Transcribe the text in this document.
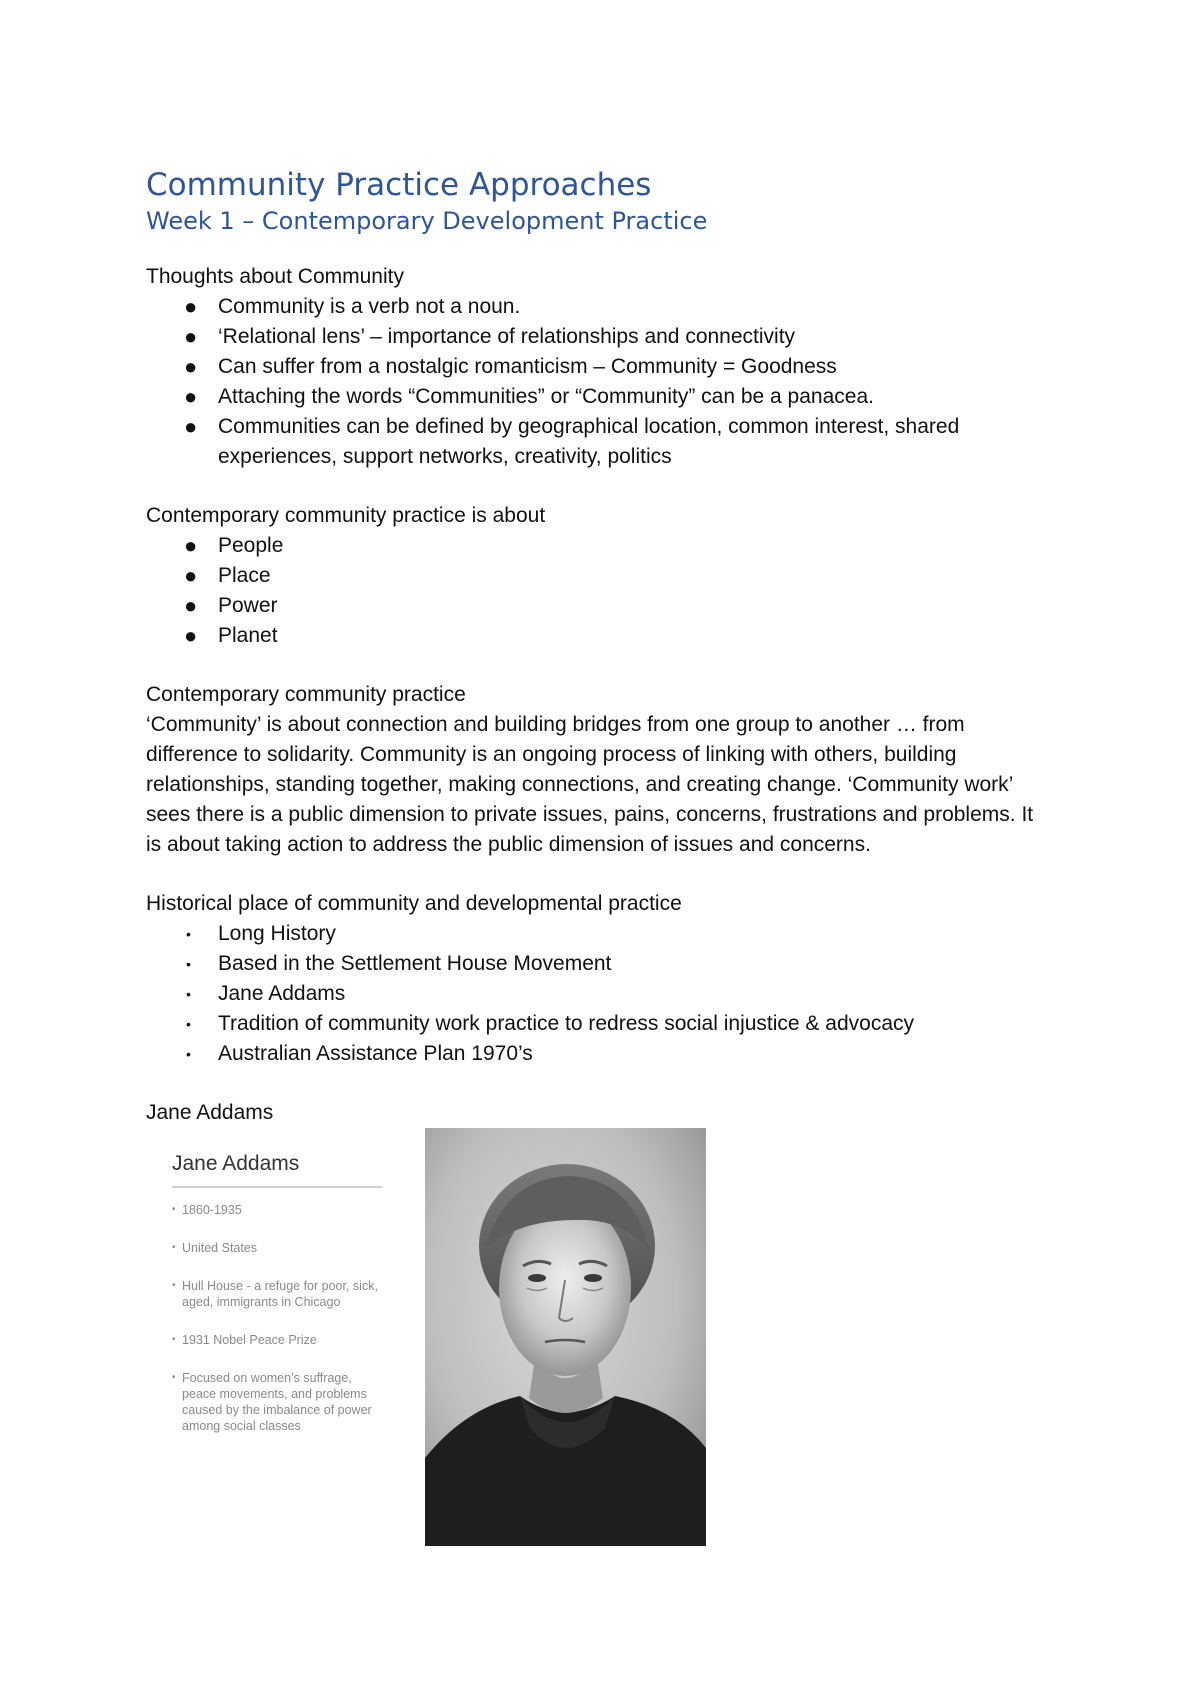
Community Practice Approaches
Week 1 – Contemporary Development Practice

Thoughts about Community

● Community is a verb not a noun.
● ‘Relational lens’ – importance of relationships and connectivity
● Can suffer from a nostalgic romanticism – Community = Goodness
● Attaching the words “Communities” or “Community” can be a panacea.
● Communities can be defined by geographical location, common interest, shared experiences, support networks, creativity, politics

Contemporary community practice is about

● People
● Place
● Power
● Planet

Contemporary community practice

‘Community’ is about connection and building bridges from one group to another … from difference to solidarity. Community is an ongoing process of linking with others, building relationships, standing together, making connections, and creating change. ‘Community work’ sees there is a public dimension to private issues, pains, concerns, frustrations and problems. It is about taking action to address the public dimension of issues and concerns.

Historical place of community and developmental practice

• Long History
• Based in the Settlement House Movement
• Jane Addams
• Tradition of community work practice to redress social injustice & advocacy
• Australian Assistance Plan 1970’s

Jane Addams

Jane Addams

• 1860-1935
• United States
• Hull House - a refuge for poor, sick, aged, immigrants in Chicago
• 1931 Nobel Peace Prize
• Focused on women’s suffrage, peace movements, and problems caused by the imbalance of power among social classes
